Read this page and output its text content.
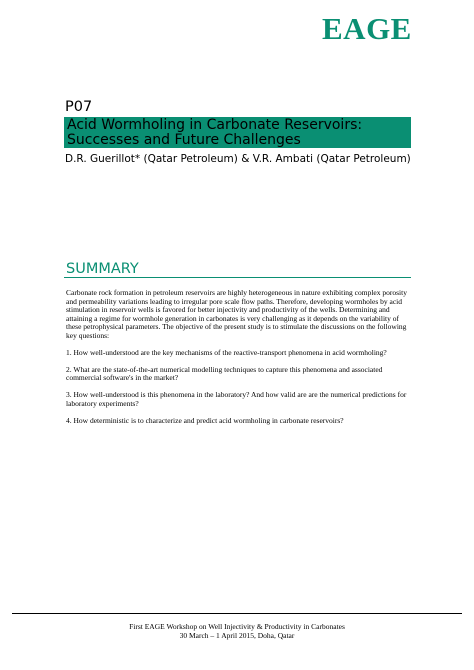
EAGE
P07
Acid Wormholing in Carbonate Reservoirs: Successes and Future Challenges
D.R. Guerillot* (Qatar Petroleum) & V.R. Ambati (Qatar Petroleum)
SUMMARY

Carbonate rock formation in petroleum reservoirs are highly heterogeneous in nature exhibiting complex porosity and permeability variations leading to irregular pore scale flow paths. Therefore, developing wormholes by acid stimulation in reservoir wells is favored for better injectivity and productivity of the wells. Determining and attaining a regime for wormhole generation in carbonates is very challenging as it depends on the variability of these petrophysical parameters. The objective of the present study is to stimulate the discussions on the following key questions:

1. How well-understood are the key mechanisms of the reactive-transport phenomena in acid wormholing?

2. What are the state-of-the-art numerical modelling techniques to capture this phenomena and associated commercial software's in the market?

3. How well-understood is this phenomena in the laboratory? And how valid are are the numerical predictions for laboratory experiments?

4. How deterministic is to characterize and predict acid wormholing in carbonate reservoirs?

First EAGE Workshop on Well Injectivity & Productivity in Carbonates
30 March – 1 April 2015, Doha, Qatar
